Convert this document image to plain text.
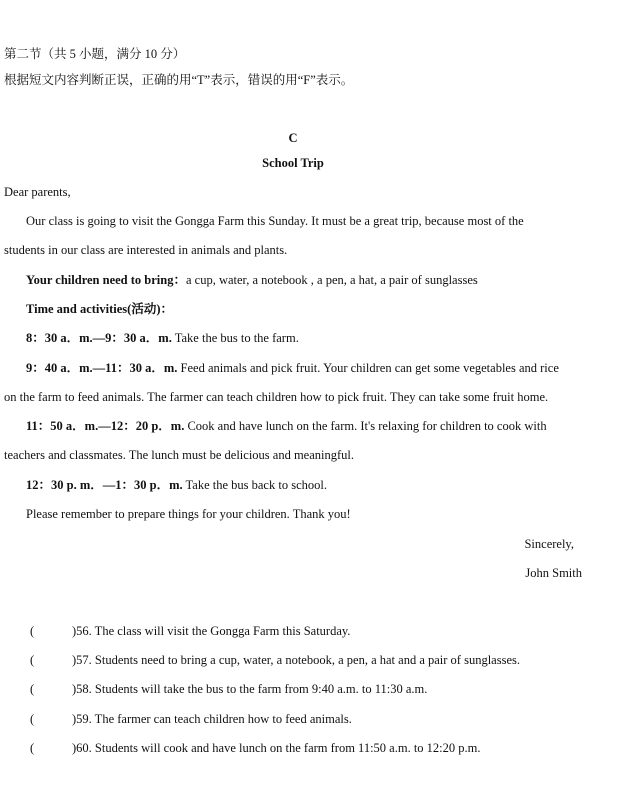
第二节（共 5 小题，满分 10 分）
根据短文内容判断正误，正确的用“T”表示，错误的用“F”表示。
C
School Trip
Dear parents,
Our class is going to visit the Gongga Farm this Sunday. It must be a great trip, because most of the
students in our class are interested in animals and plants.
Your children need to bring：a cup, water, a notebook , a pen, a hat, a pair of sunglasses
Time and activities(活动)：
8：30 a．m.—9：30 a．m. Take the bus to the farm.
9：40 a．m.—11：30 a．m. Feed animals and pick fruit. Your children can get some vegetables and rice
on the farm to feed animals. The farmer can teach children how to pick fruit. They can take some fruit home.
11：50 a．m.—12：20 p．m. Cook and have lunch on the farm. It's relaxing for children to cook with
teachers and classmates. The lunch must be delicious and meaningful.
12：30 p. m．—1：30 p．m. Take the bus back to school.
Please remember to prepare things for your children. Thank you!
Sincerely,
John Smith
(	)56. The class will visit the Gongga Farm this Saturday.
(	)57. Students need to bring a cup, water, a notebook, a pen, a hat and a pair of sunglasses.
(	)58. Students will take the bus to the farm from 9:40 a.m. to 11:30 a.m.
(	)59. The farmer can teach children how to feed animals.
(	)60. Students will cook and have lunch on the farm from 11:50 a.m. to 12:20 p.m.
